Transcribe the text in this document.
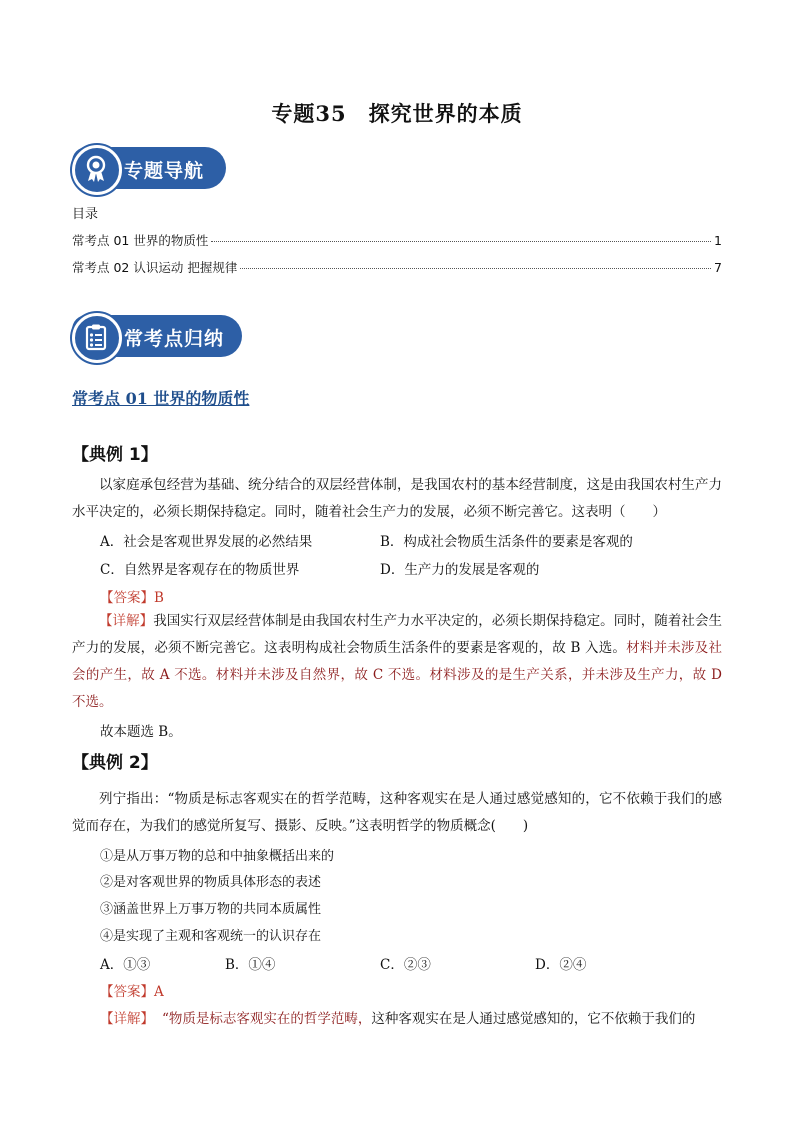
专题35　探究世界的本质
专题导航
目录
常考点 01 世界的物质性	1
常考点 02 认识运动 把握规律	7
常考点归纳
常考点 01 世界的物质性
【典例 1】
以家庭承包经营为基础、统分结合的双层经营体制，是我国农村的基本经营制度，这是由我国农村生产力水平决定的，必须长期保持稳定。同时，随着社会生产力的发展，必须不断完善它。这表明（　　）
A．社会是客观世界发展的必然结果	B．构成社会物质生活条件的要素是客观的
C．自然界是客观存在的物质世界	D．生产力的发展是客观的
【答案】B
【详解】我国实行双层经营体制是由我国农村生产力水平决定的，必须长期保持稳定。同时，随着社会生产力的发展，必须不断完善它。这表明构成社会物质生活条件的要素是客观的，故 B 入选。材料并未涉及社会的产生，故 A 不选。材料并未涉及自然界，故 C 不选。材料涉及的是生产关系，并未涉及生产力，故 D 不选。
故本题选 B。
【典例 2】
列宁指出：“物质是标志客观实在的哲学范畴，这种客观实在是人通过感觉感知的，它不依赖于我们的感觉而存在，为我们的感觉所复写、摄影、反映。”这表明哲学的物质概念(　　)
①是从万事万物的总和中抽象概括出来的
②是对客观世界的物质具体形态的表述
③涵盖世界上万事万物的共同本质属性
④是实现了主观和客观统一的认识存在
A．①③	B．①④	C．②③	D．②④
【答案】A
【详解】 “物质是标志客观实在的哲学范畴，这种客观实在是人通过感觉感知的，它不依赖于我们的
